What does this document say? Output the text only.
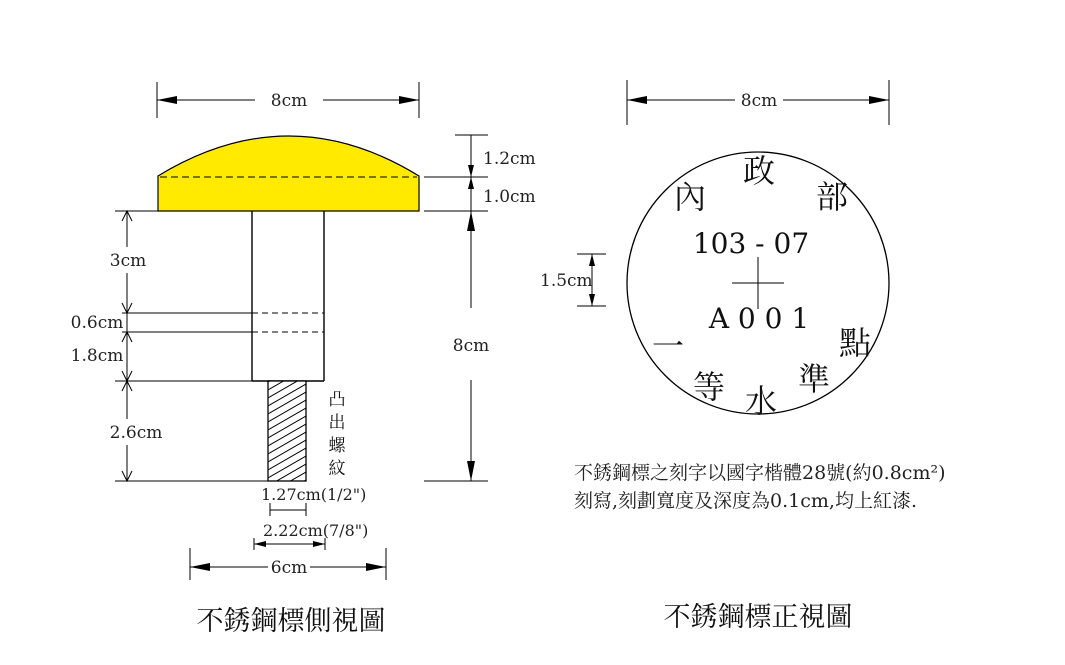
8cm
3cm
0.6cm
1.8cm
2.6cm
1.2cm
1.0cm
8cm
凸
出
螺
紋
1.27cm(1/2")
2.22cm(7/8")
6cm
不銹鋼標側視圖
8cm
1.5cm
內
政
部
103 - 07
A 0 0 1
一
等 水
準
點
不銹鋼標之刻字以國字楷體28號(約0.8cm²)
刻寫,刻劃寬度及深度為0.1cm,均上紅漆.
不銹鋼標正視圖
